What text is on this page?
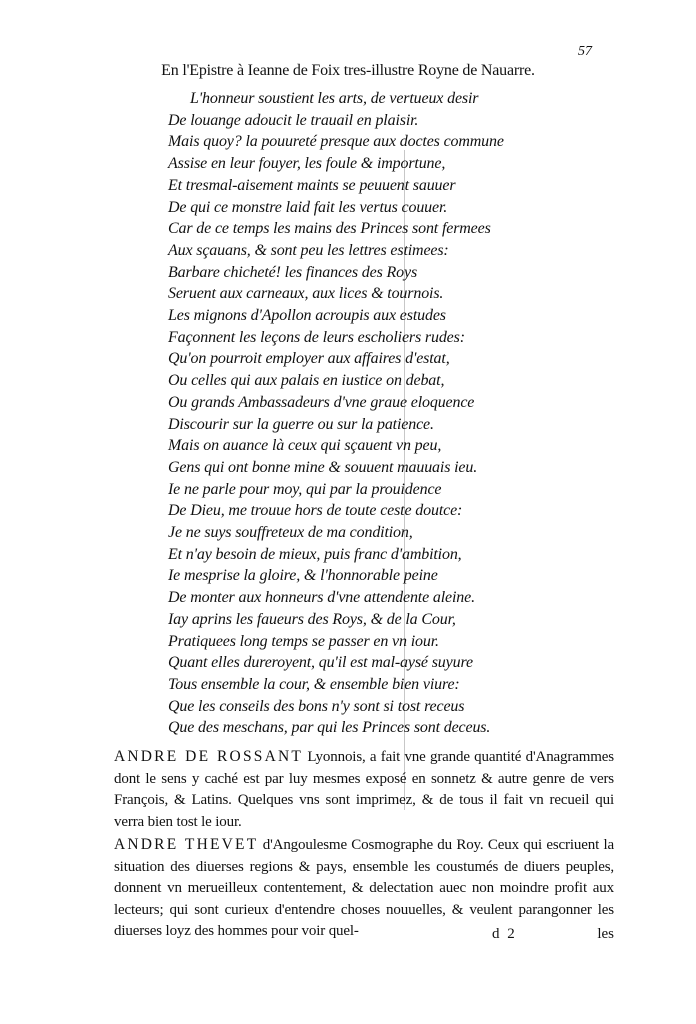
57
En l'Epistre à Ieanne de Foix tres-illustre Royne de Nauarre.
L'honneur soustient les arts, de vertueux desir
De louange adoucit le trauail en plaisir.
Mais quoy? la pouureté presque aux doctes commune
Assise en leur fouyer, les foule & importune,
Et tresmal-aisement maints se peuuent sauuer
De qui ce monstre laid fait les vertus couuer.
Car de ce temps les mains des Princes sont fermees
Aux sçauans, & sont peu les lettres estimees:
Barbare chicheté! les finances des Roys
Seruent aux carneaux, aux lices & tournois.
Les mignons d'Apollon acroupis aux estudes
Façonnent les leçons de leurs escholiers rudes:
Qu'on pourroit employer aux affaires d'estat,
Ou celles qui aux palais en iustice on debat,
Ou grands Ambassadeurs d'vne graue eloquence
Discourir sur la guerre ou sur la patience.
Mais on auance là ceux qui sçauent vn peu,
Gens qui ont bonne mine & souuent mauuais ieu.
Ie ne parle pour moy, qui par la prouidence
De Dieu, me trouue hors de toute ceste doutce:
Je ne suys souffreteux de ma condition,
Et n'ay besoin de mieux, puis franc d'ambition,
Ie mesprise la gloire, & l'honnorable peine
De monter aux honneurs d'vne attendente aleine.
Iay aprins les faueurs des Roys, & de la Cour,
Pratiquees long temps se passer en vn iour.
Quant elles dureroyent, qu'il est mal-aysé suyure
Tous ensemble la cour, & ensemble bien viure:
Que les conseils des bons n'y sont si tost receus
Que des meschans, par qui les Princes sont deceus.
ANDRE DE ROSSANT Lyonnois, a fait vne grande quantité d'Anagrammes dont le sens y caché est par luy mesmes exposé en sonnetz & autre genre de vers François, & Latins. Quelques vns sont imprimez, & de tous il fait vn recueil qui verra bien tost le iour.
ANDRE THEVET d'Angoulesme Cosmographe du Roy. Ceux qui escriuent la situation des diuerses regions & pays, ensemble les coustumés de diuers peuples, donnent vn merueilleux contentement, & delectation auec non moindre profit aux lecteurs; qui sont curieux d'entendre choses nouuelles, & veulent parangonner les diuerses loyz des hommes pour voir quel-	d 2	les
